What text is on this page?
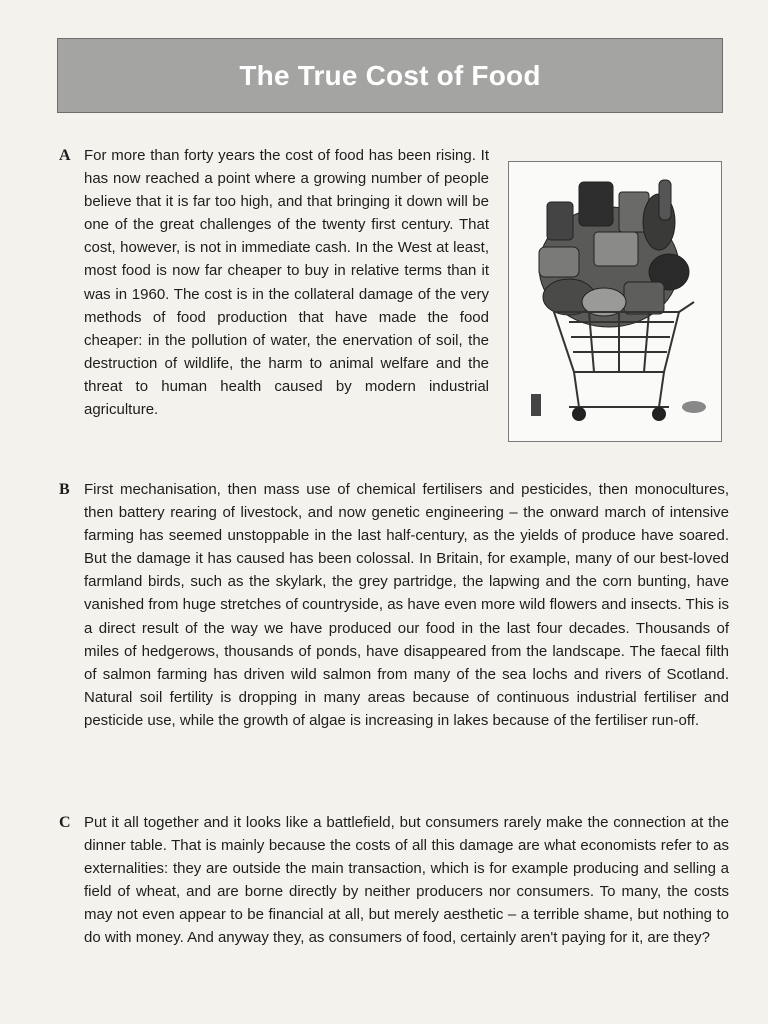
The True Cost of Food
A For more than forty years the cost of food has been rising. It has now reached a point where a growing number of people believe that it is far too high, and that bringing it down will be one of the great challenges of the twenty first century. That cost, however, is not in immediate cash. In the West at least, most food is now far cheaper to buy in relative terms than it was in 1960. The cost is in the collateral damage of the very methods of food production that have made the food cheaper: in the pollution of water, the enervation of soil, the destruction of wildlife, the harm to animal welfare and the threat to human health caused by modern industrial agriculture.
B First mechanisation, then mass use of chemical fertilisers and pesticides, then monocultures, then battery rearing of livestock, and now genetic engineering – the onward march of intensive farming has seemed unstoppable in the last half-century, as the yields of produce have soared. But the damage it has caused has been colossal. In Britain, for example, many of our best-loved farmland birds, such as the skylark, the grey partridge, the lapwing and the corn bunting, have vanished from huge stretches of countryside, as have even more wild flowers and insects. This is a direct result of the way we have produced our food in the last four decades. Thousands of miles of hedgerows, thousands of ponds, have disappeared from the landscape. The faecal filth of salmon farming has driven wild salmon from many of the sea lochs and rivers of Scotland. Natural soil fertility is dropping in many areas because of continuous industrial fertiliser and pesticide use, while the growth of algae is increasing in lakes because of the fertiliser run-off.
C Put it all together and it looks like a battlefield, but consumers rarely make the connection at the dinner table. That is mainly because the costs of all this damage are what economists refer to as externalities: they are outside the main transaction, which is for example producing and selling a field of wheat, and are borne directly by neither producers nor consumers. To many, the costs may not even appear to be financial at all, but merely aesthetic – a terrible shame, but nothing to do with money. And anyway they, as consumers of food, certainly aren't paying for it, are they?
